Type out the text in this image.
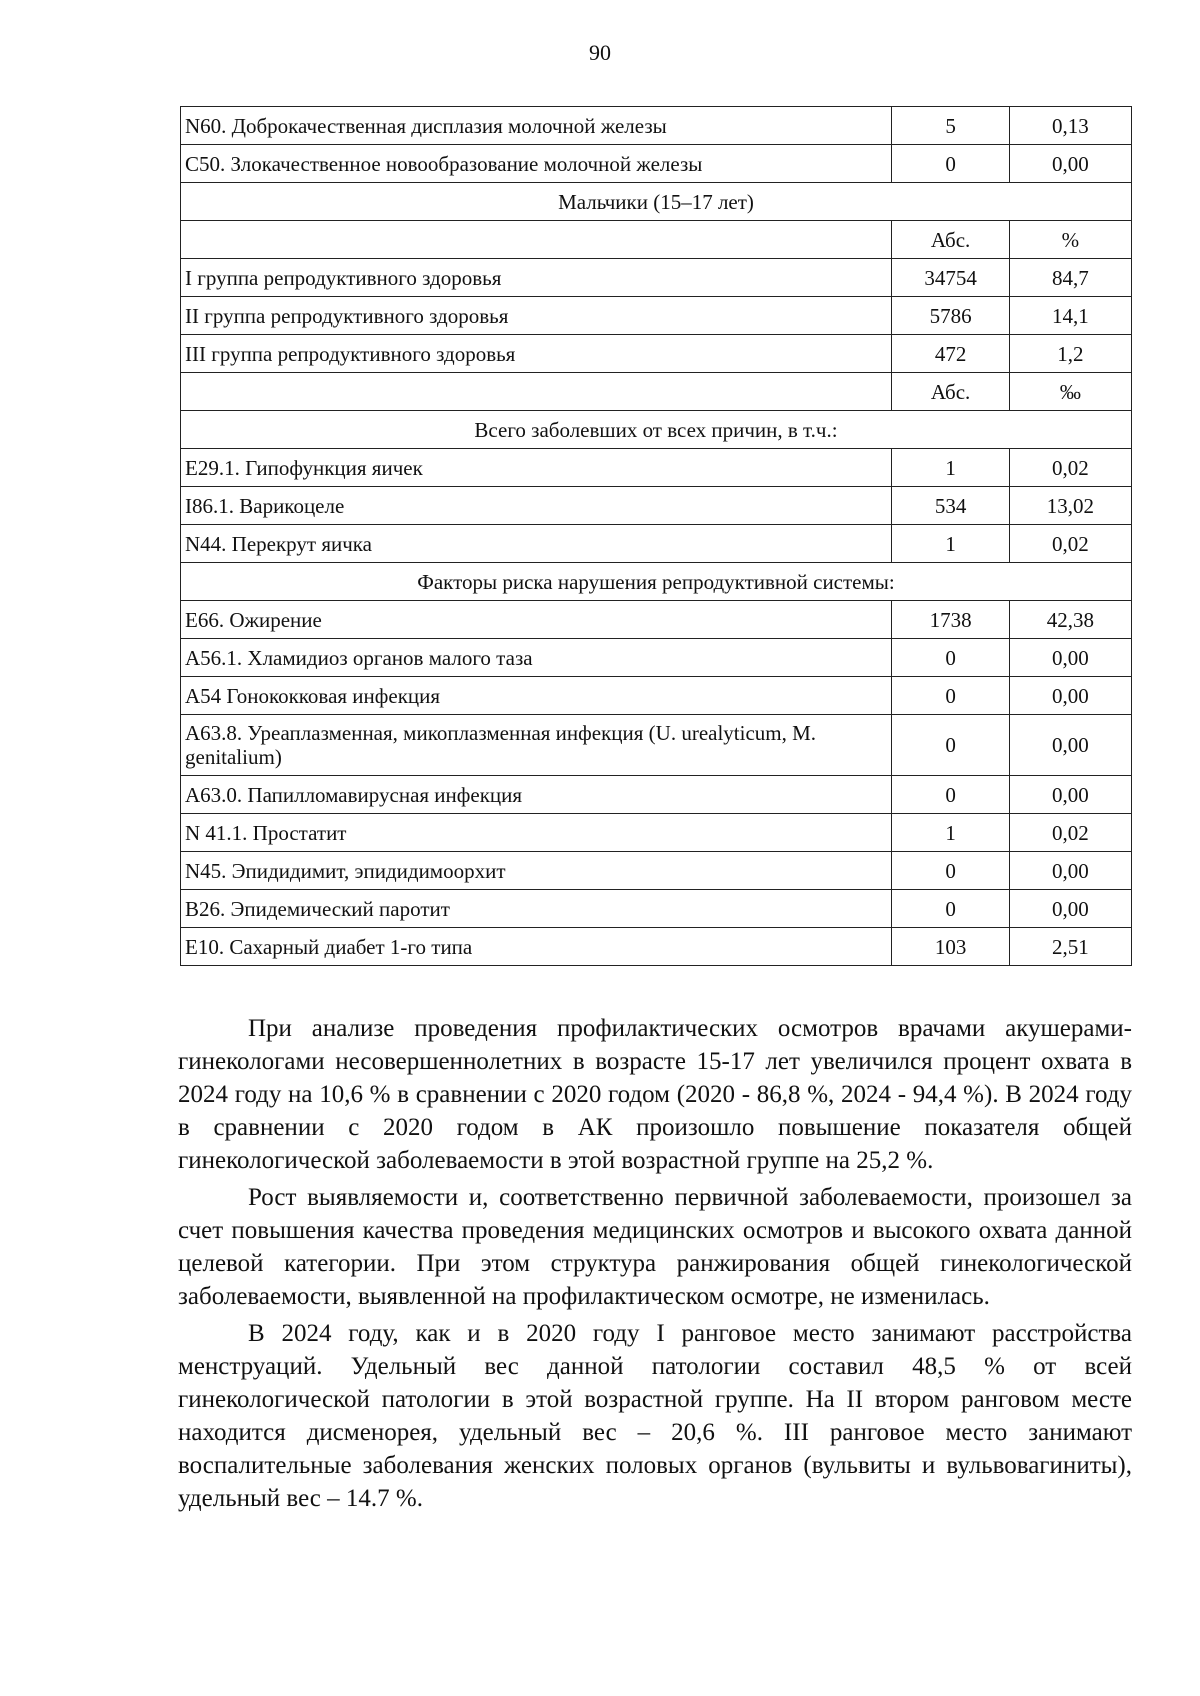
90
N60. Доброкачественная дисплазия молочной железы	5	0,13
С50. Злокачественное новообразование молочной железы	0	0,00
Мальчики (15–17 лет)		
	Абс.	%
I группа репродуктивного здоровья	34754	84,7
II группа репродуктивного здоровья	5786	14,1
III группа репродуктивного здоровья	472	1,2
	Абс.	‰
Всего заболевших от всех причин, в т.ч.:		
Е29.1. Гипофункция яичек	1	0,02
I86.1. Варикоцеле	534	13,02
N44. Перекрут яичка	1	0,02
Факторы риска нарушения репродуктивной системы:		
Е66. Ожирение	1738	42,38
А56.1. Хламидиоз органов малого таза	0	0,00
А54 Гонококковая инфекция	0	0,00
А63.8. Уреаплазменная, микоплазменная инфекция (U. urealyticum, M. genitalium)	0	0,00
А63.0. Папилломавирусная инфекция	0	0,00
N 41.1. Простатит	1	0,02
N45. Эпидидимит, эпидидимоорхит	0	0,00
B26. Эпидемический паротит	0	0,00
Е10. Сахарный диабет 1-го типа	103	2,51

При анализе проведения профилактических осмотров врачами акушерами-гинекологами несовершеннолетних в возрасте 15-17 лет увеличился процент охвата в 2024 году на 10,6 % в сравнении с 2020 годом (2020 - 86,8 %, 2024 - 94,4 %). В 2024 году в сравнении с 2020 годом в АК произошло повышение показателя общей гинекологической заболеваемости в этой возрастной группе на 25,2 %.

Рост выявляемости и, соответственно первичной заболеваемости, произошел за счет повышения качества проведения медицинских осмотров и высокого охвата данной целевой категории. При этом структура ранжирования общей гинекологической заболеваемости, выявленной на профилактическом осмотре, не изменилась.

В 2024 году, как и в 2020 году I ранговое место занимают расстройства менструаций. Удельный вес данной патологии составил 48,5 % от всей гинекологической патологии в этой возрастной группе. На II втором ранговом месте находится дисменорея, удельный вес – 20,6 %. III ранговое место занимают воспалительные заболевания женских половых органов (вульвиты и вульвовагиниты), удельный вес – 14.7 %.
